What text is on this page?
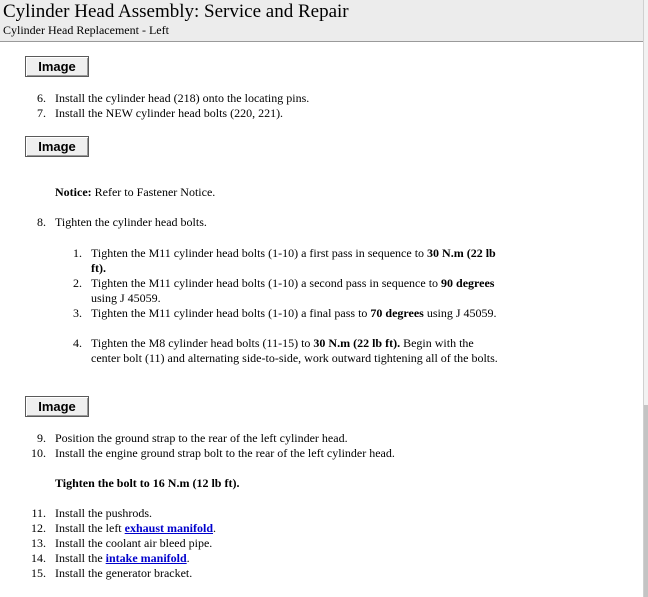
Cylinder Head Assembly: Service and Repair
Cylinder Head Replacement - Left
Image
Image
Image
6. Install the cylinder head (218) onto the locating pins.
7. Install the NEW cylinder head bolts (220, 221).
Notice: Refer to Fastener Notice.
8. Tighten the cylinder head bolts.
1. Tighten the M11 cylinder head bolts (1-10) a first pass in sequence to 30 N.m (22 lb ft).
2. Tighten the M11 cylinder head bolts (1-10) a second pass in sequence to 90 degrees using J 45059.
3. Tighten the M11 cylinder head bolts (1-10) a final pass to 70 degrees using J 45059.
4. Tighten the M8 cylinder head bolts (11-15) to 30 N.m (22 lb ft). Begin with the center bolt (11) and alternating side-to-side, work outward tightening all of the bolts.
9. Position the ground strap to the rear of the left cylinder head.
10. Install the engine ground strap bolt to the rear of the left cylinder head.
Tighten the bolt to 16 N.m (12 lb ft).
11. Install the pushrods.
12. Install the left exhaust manifold.
13. Install the coolant air bleed pipe.
14. Install the intake manifold.
15. Install the generator bracket.
